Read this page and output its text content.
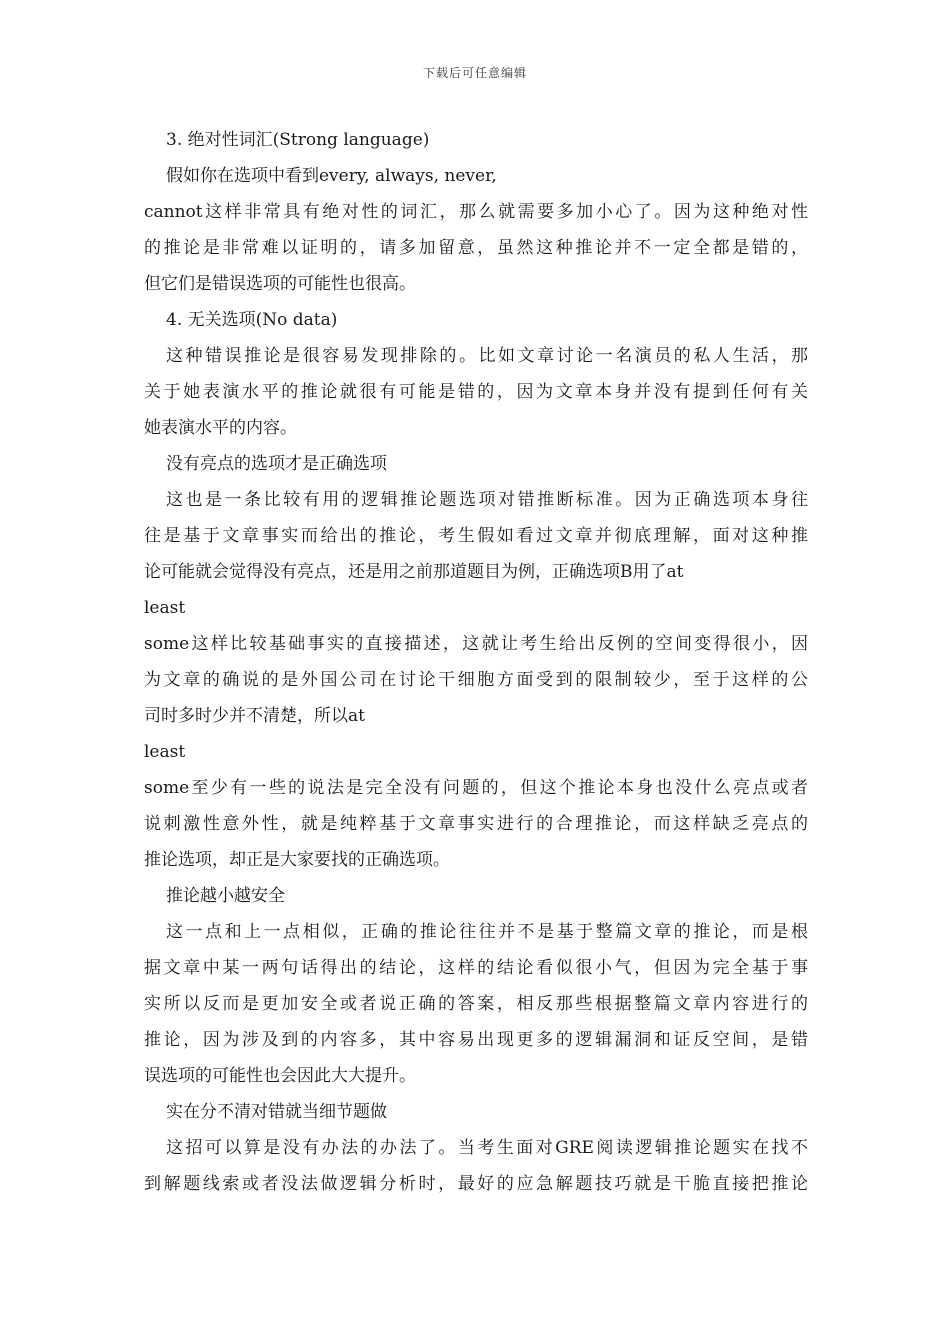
下载后可任意编辑
3. 绝对性词汇(Strong language)
假如你在选项中看到every, always, never,
cannot这样非常具有绝对性的词汇，那么就需要多加小心了。因为这种绝对性
的推论是非常难以证明的，请多加留意，虽然这种推论并不一定全都是错的，
但它们是错误选项的可能性也很高。
4. 无关选项(No data)
这种错误推论是很容易发现排除的。比如文章讨论一名演员的私人生活，那
关于她表演水平的推论就很有可能是错的，因为文章本身并没有提到任何有关
她表演水平的内容。
没有亮点的选项才是正确选项
这也是一条比较有用的逻辑推论题选项对错推断标准。因为正确选项本身往
往是基于文章事实而给出的推论，考生假如看过文章并彻底理解，面对这种推
论可能就会觉得没有亮点，还是用之前那道题目为例，正确选项B用了at
least
some这样比较基础事实的直接描述，这就让考生给出反例的空间变得很小，因
为文章的确说的是外国公司在讨论干细胞方面受到的限制较少，至于这样的公
司时多时少并不清楚，所以at
least
some至少有一些的说法是完全没有问题的，但这个推论本身也没什么亮点或者
说刺激性意外性，就是纯粹基于文章事实进行的合理推论，而这样缺乏亮点的
推论选项，却正是大家要找的正确选项。
推论越小越安全
这一点和上一点相似，正确的推论往往并不是基于整篇文章的推论，而是根
据文章中某一两句话得出的结论，这样的结论看似很小气，但因为完全基于事
实所以反而是更加安全或者说正确的答案，相反那些根据整篇文章内容进行的
推论，因为涉及到的内容多，其中容易出现更多的逻辑漏洞和证反空间，是错
误选项的可能性也会因此大大提升。
实在分不清对错就当细节题做
这招可以算是没有办法的办法了。当考生面对GRE阅读逻辑推论题实在找不
到解题线索或者没法做逻辑分析时，最好的应急解题技巧就是干脆直接把推论
